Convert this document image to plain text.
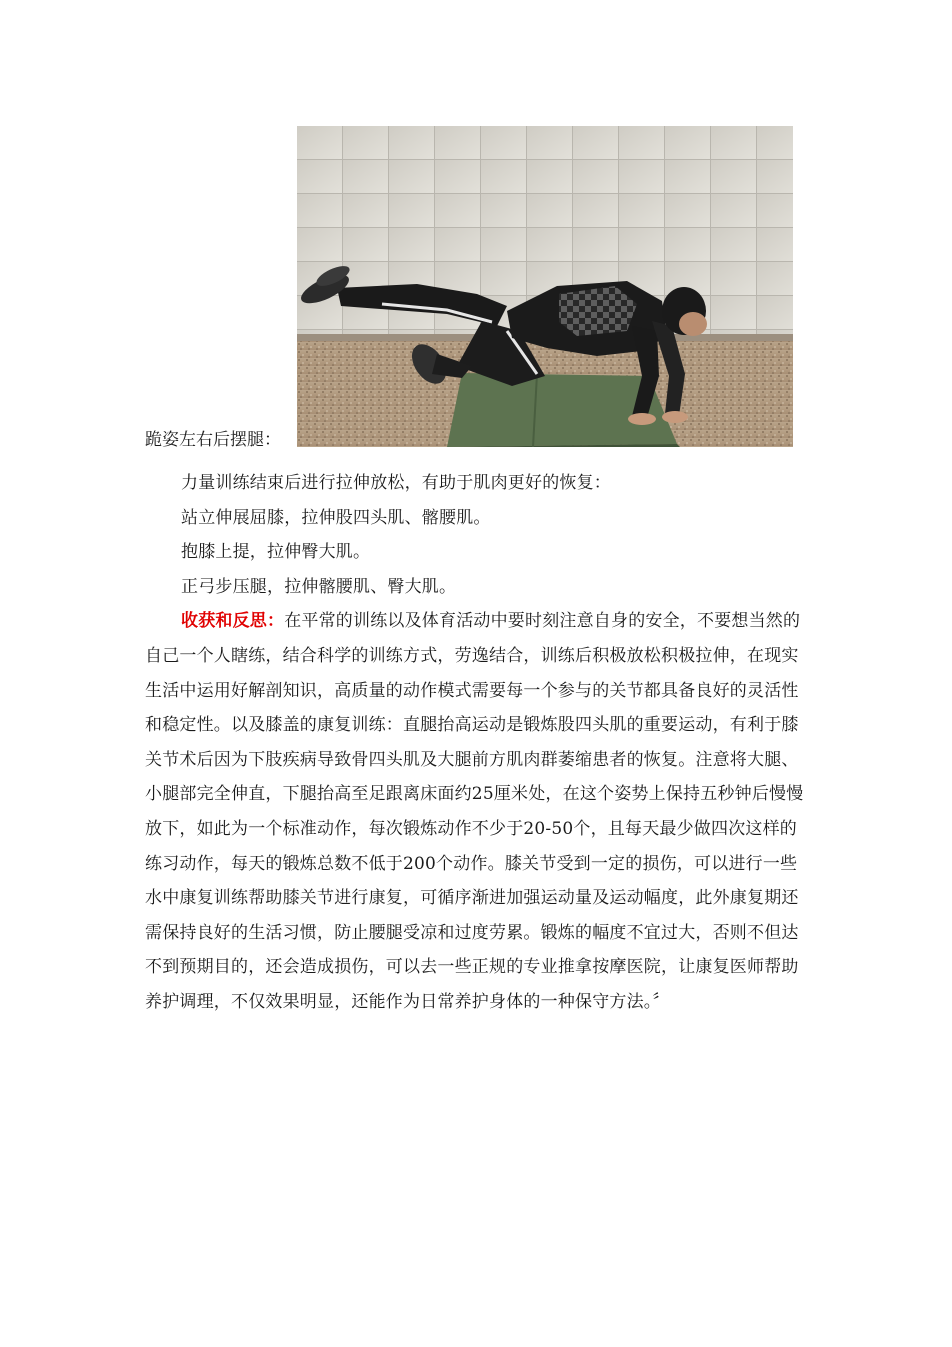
跪姿左右后摆腿：

力量训练结束后进行拉伸放松，有助于肌肉更好的恢复：

站立伸展屈膝，拉伸股四头肌、髂腰肌。

抱膝上提，拉伸臀大肌。

正弓步压腿，拉伸髂腰肌、臀大肌。

收获和反思：在平常的训练以及体育活动中要时刻注意自身的安全，不要想当然的自己一个人瞎练，结合科学的训练方式，劳逸结合，训练后积极放松积极拉伸，在现实生活中运用好解剖知识，高质量的动作模式需要每一个参与的关节都具备良好的灵活性和稳定性。以及膝盖的康复训练：直腿抬高运动是锻炼股四头肌的重要运动，有利于膝关节术后因为下肢疾病导致骨四头肌及大腿前方肌肉群萎缩患者的恢复。注意将大腿、小腿部完全伸直，下腿抬高至足跟离床面约25厘米处，在这个姿势上保持五秒钟后慢慢放下，如此为一个标准动作，每次锻炼动作不少于20-50个，且每天最少做四次这样的练习动作，每天的锻炼总数不低于200个动作。膝关节受到一定的损伤，可以进行一些水中康复训练帮助膝关节进行康复，可循序渐进加强运动量及运动幅度，此外康复期还需保持良好的生活习惯，防止腰腿受凉和过度劳累。锻炼的幅度不宜过大，否则不但达不到预期目的，还会造成损伤，可以去一些正规的专业推拿按摩医院，让康复医师帮助养护调理，不仅效果明显，还能作为日常养护身体的一种保守方法。〞
